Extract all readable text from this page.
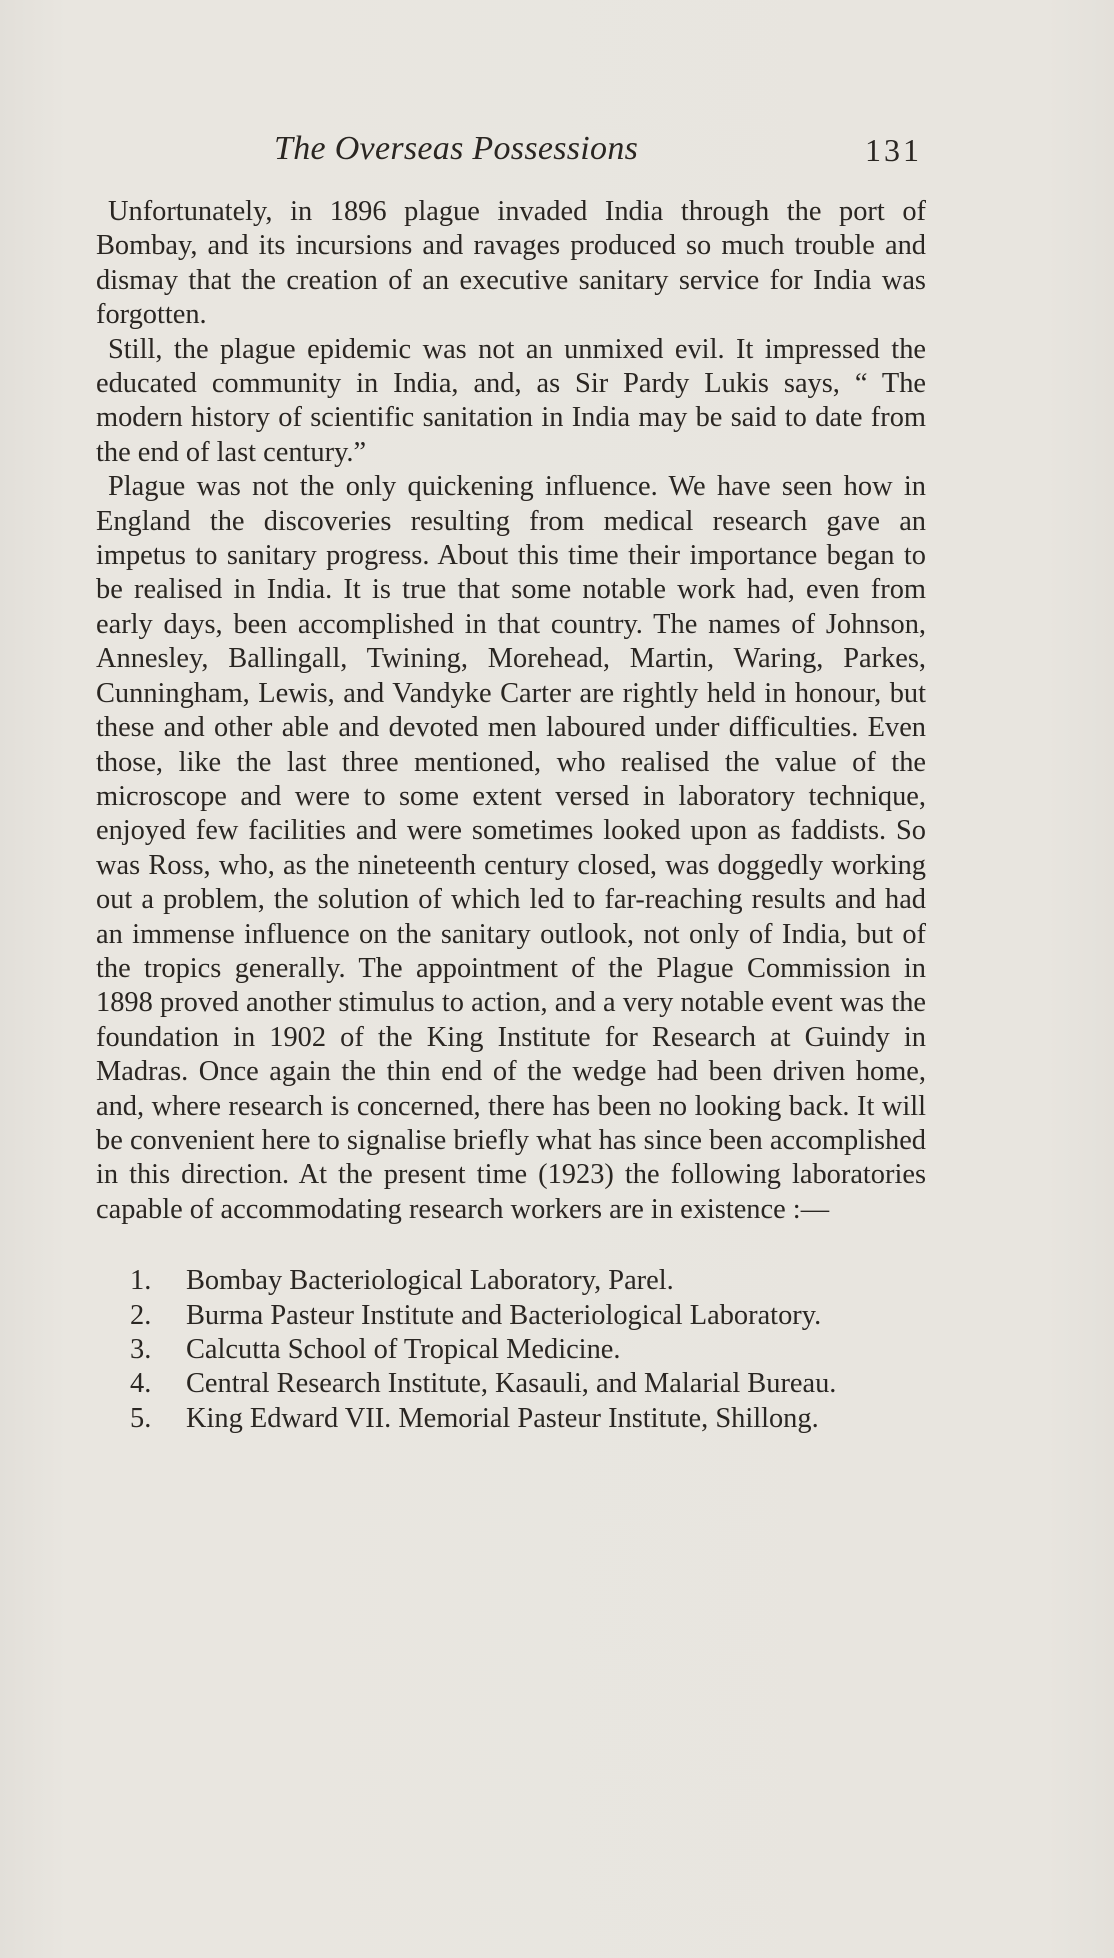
The Overseas Possessions	131

Unfortunately, in 1896 plague invaded India through the port of Bombay, and its incursions and ravages produced so much trouble and dismay that the creation of an executive sanitary service for India was forgotten.

Still, the plague epidemic was not an unmixed evil. It impressed the educated community in India, and, as Sir Pardy Lukis says, “ The modern history of scientific sanitation in India may be said to date from the end of last century.”

Plague was not the only quickening influence. We have seen how in England the discoveries resulting from medical research gave an impetus to sanitary progress. About this time their importance began to be realised in India. It is true that some notable work had, even from early days, been accomplished in that country. The names of Johnson, Annesley, Ballingall, Twining, Morehead, Martin, Waring, Parkes, Cunningham, Lewis, and Vandyke Carter are rightly held in honour, but these and other able and devoted men laboured under difficulties. Even those, like the last three mentioned, who realised the value of the microscope and were to some extent versed in laboratory technique, enjoyed few facilities and were sometimes looked upon as faddists. So was Ross, who, as the nineteenth century closed, was doggedly working out a problem, the solution of which led to far-reaching results and had an immense influence on the sanitary outlook, not only of India, but of the tropics generally. The appointment of the Plague Commission in 1898 proved another stimulus to action, and a very notable event was the foundation in 1902 of the King Institute for Research at Guindy in Madras. Once again the thin end of the wedge had been driven home, and, where research is concerned, there has been no looking back. It will be convenient here to signalise briefly what has since been accomplished in this direction. At the present time (1923) the following laboratories capable of accommodating research workers are in existence :—

1. Bombay Bacteriological Laboratory, Parel.
2. Burma Pasteur Institute and Bacteriological Laboratory.
3. Calcutta School of Tropical Medicine.
4. Central Research Institute, Kasauli, and Malarial Bureau.
5. King Edward VII. Memorial Pasteur Institute, Shillong.
